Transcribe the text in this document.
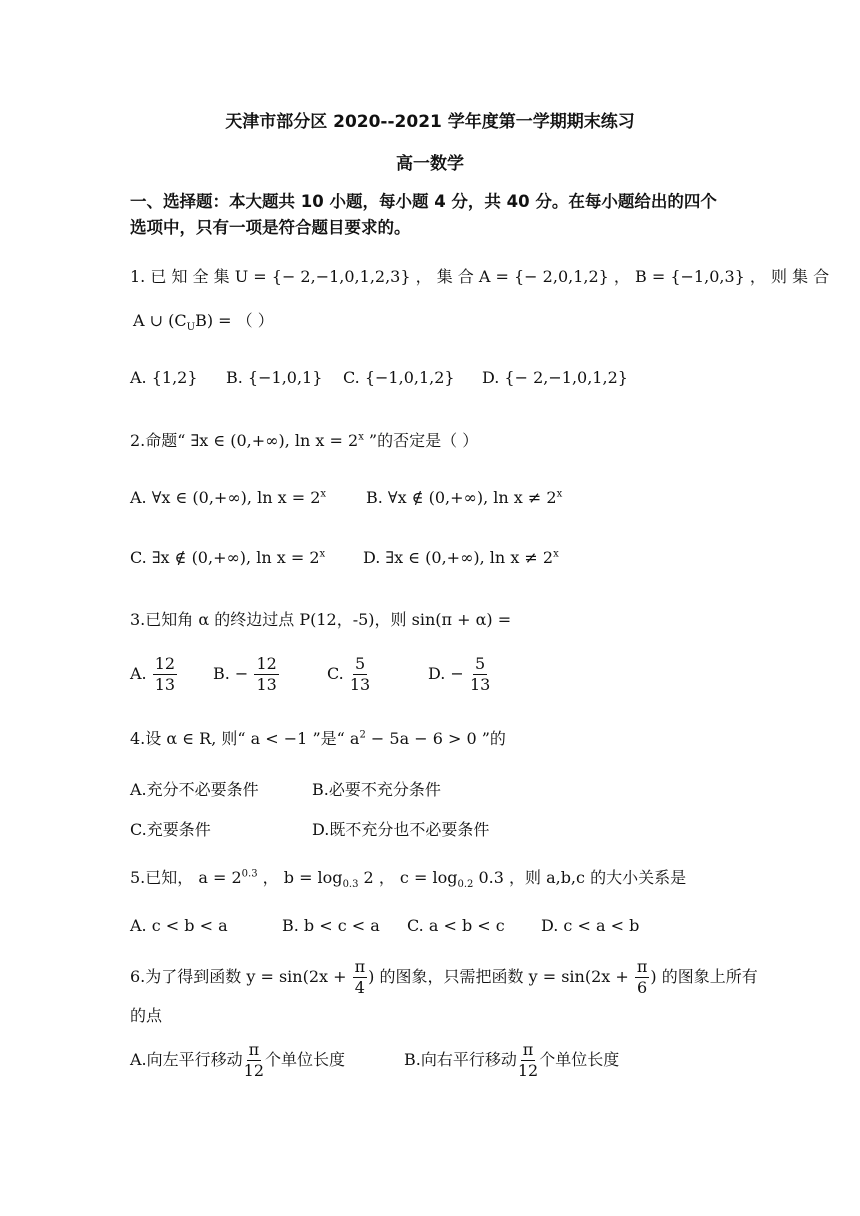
天津市部分区 2020--2021 学年度第一学期期末练习
高一数学
一、选择题：本大题共 10 小题，每小题 4 分，共 40 分。在每小题给出的四个
选项中，只有一项是符合题目要求的。
1. 已 知 全 集 U = {− 2,−1,0,1,2,3} ， 集 合 A = {− 2,0,1,2} ， B = {−1,0,3} ， 则 集 合
A ∪ $(C_UB)$ = （ ）
A. {1,2} B. {−1,0,1} C. {−1,0,1,2} D. {− 2,−1,0,1,2}
2.命题“ ∃x ∈ (0,+∞), $\ln x = 2^x$ ”的否定是（ ）
A. ∀x ∈ (0,+∞), $\ln x = 2^x$ B. ∀x ∉ (0,+∞), $\ln x \ne 2^x$
C. ∃x ∉ (0,+∞), $\ln x = 2^x$ D. ∃x ∈ (0,+∞), $\ln x \ne 2^x$
3.已知角 α 的终边过点 P(12，-5)，则 sin(π + α) =
A. $\frac{12}{13} B$. − $\frac{12}{13}$	C. $\frac{5}{13}$	D. − $\frac{5}{13}$
4.设 α ∈ R, 则“ a < −1 ”是“ $a^2 - 5a - 6 > 0$ ”的
A.充分不必要条件	B.必要不充分条件
C.充要条件	D.既不充分也不必要条件
5.已知， $a = 2^{0.3}$ ， $b = \log_{0.3} 2$ ， $c = \log_{0.2} 0.3$ ，则 a,b,c 的大小关系是
A. c < b < a	B. b < c < a C. a < b < c D. c < a < b
6.为了得到函数 $y = \sin(2x + \frac{\pi}{4}$ ) 的图象，只需把函数 $y = \sin(2x + \frac{\pi}{6}$ ) 的图象上所有
的点
A.向左平行移动 $\frac{\pi}{12}$ 个单位长度	B.向右平行移动 $\frac{\pi}{12}$ 个单位长度
